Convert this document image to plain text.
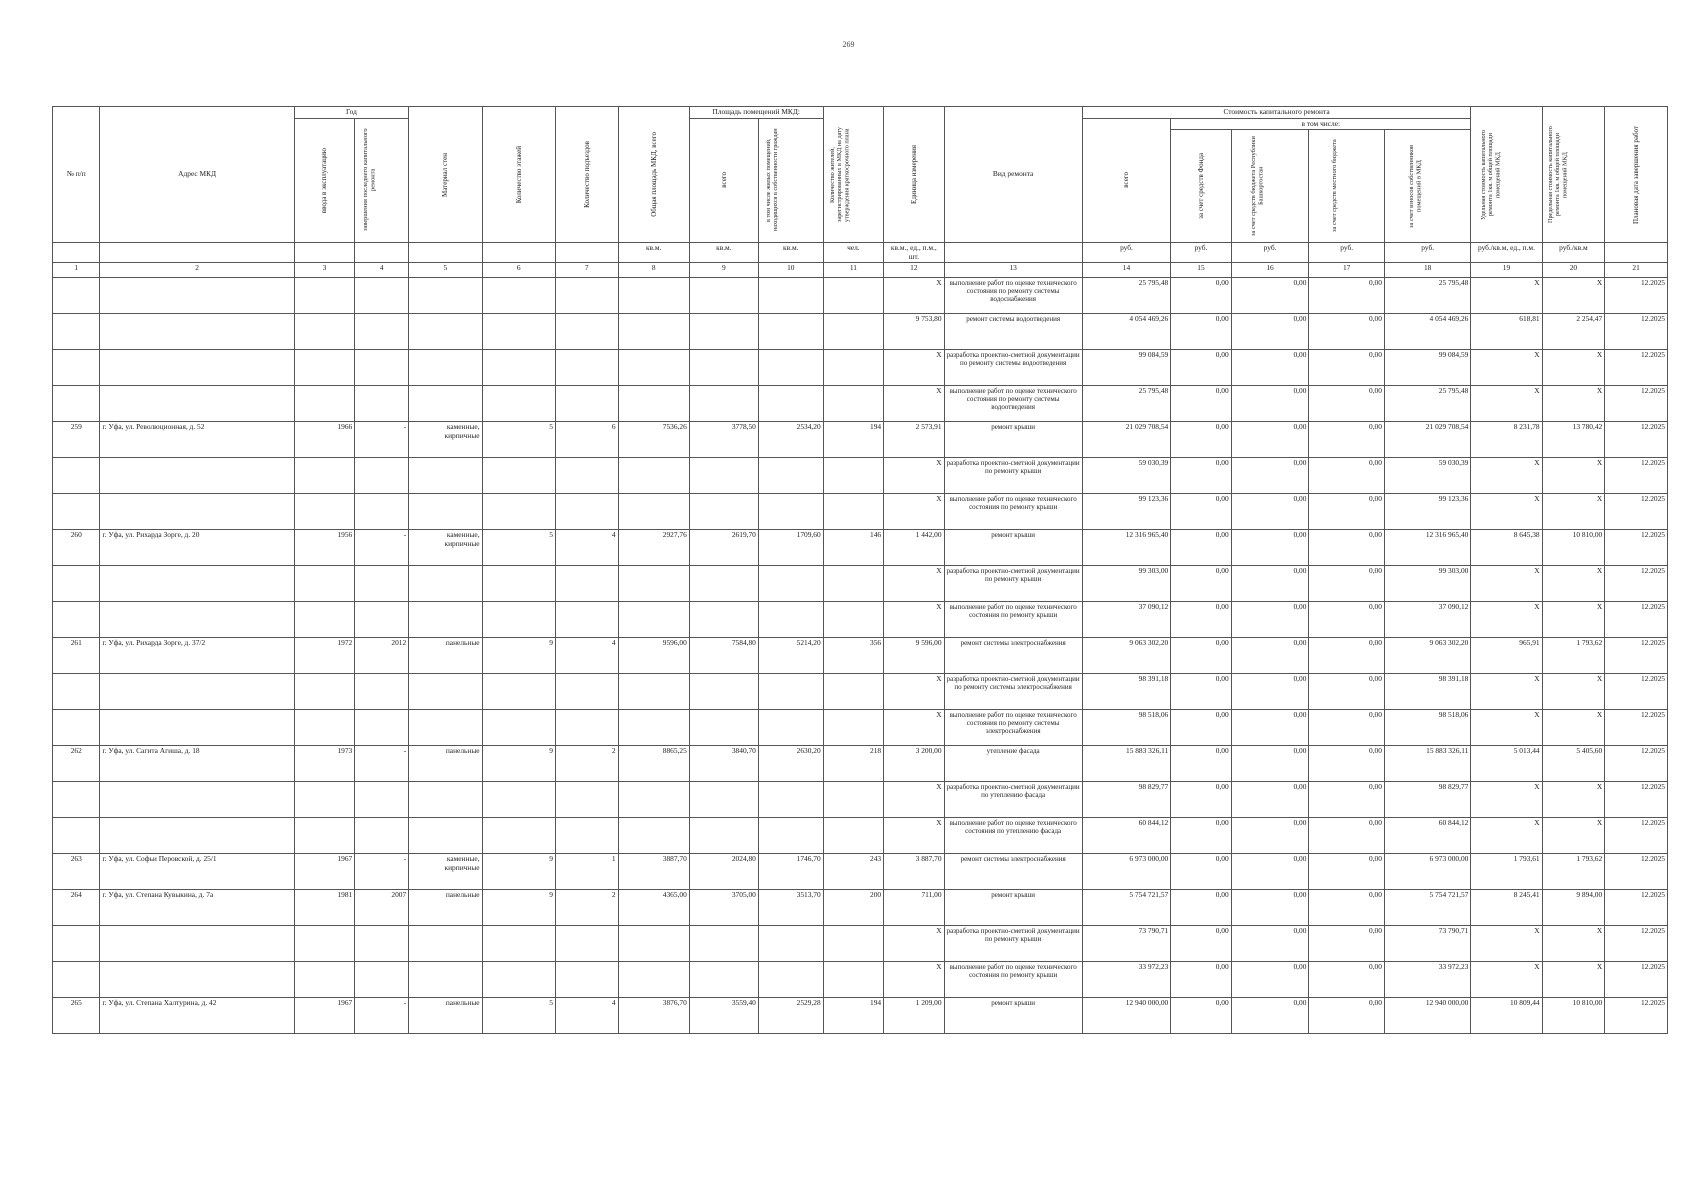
269
№ п/п	Адрес МКД	Год		Материал стен	Количество этажей	Количество подъездов	Общая площадь МКД, всего	Площадь помещений МКД:		Количество жителей, зарегистрированных в МКД на дату утверждения краткосрочного плана	Единица измерения	Вид ремонта	Стоимость капитального ремонта					Удельная стоимость капитального ремонта 1кв. м общей площади помещений МКД	Предельная стоимость капитального ремонта 1кв. м общей площади помещений МКД	Плановая дата завершения работ

		ввода в эксплуатацию	завершения последнего капитального ремонта					всего	в том числе жилых помещений, находящихся в собственности граждан				всего	в том числе:						

														за счет средств Фонда	за счет средств бюджета Республики Башкортостан	за счет средств местного бюджета	за счет взносов собственников помещений в МКД			

							кв.м.	кв.м.	кв.м.	чел.	кв.м., ед., п.м., шт.		руб.	руб.	руб.	руб.	руб.	руб./кв.м, ед., п.м.	руб./кв.м	
1	2	3	4	5	6	7	8	9	10	11	12	13	14	15	16	17	18	19	20	21
											X	выполнение работ по оценке технического состояния по ремонту системы водоснабжения	25 795,48	0,00	0,00	0,00	25 795,48	X	X	12.2025
											9 753,80	ремонт системы водоотведения	4 054 469,26	0,00	0,00	0,00	4 054 469,26	618,81	2 254,47	12.2025
											X	разработка проектно-сметной документации по ремонту системы водоотведения	99 084,59	0,00	0,00	0,00	99 084,59	X	X	12.2025
											X	выполнение работ по оценке технического состояния по ремонту системы водоотведения	25 795,48	0,00	0,00	0,00	25 795,48	X	X	12.2025
259	г. Уфа, ул. Революционная, д. 52	1966	-	каменные, кирпичные	5	6	7536,26	3778,50	2534,20	194	2 573,91	ремонт крыши	21 029 708,54	0,00	0,00	0,00	21 029 708,54	8 231,78	13 780,42	12.2025
											X	разработка проектно-сметной документации по ремонту крыши	59 030,39	0,00	0,00	0,00	59 030,39	X	X	12.2025
											X	выполнение работ по оценке технического состояния по ремонту крыши	99 123,36	0,00	0,00	0,00	99 123,36	X	X	12.2025
260	г. Уфа, ул. Рихарда Зорге, д. 20	1956	-	каменные, кирпичные	5	4	2927,76	2619,70	1709,60	146	1 442,00	ремонт крыши	12 316 965,40	0,00	0,00	0,00	12 316 965,40	8 645,38	10 810,00	12.2025
											X	разработка проектно-сметной документации по ремонту крыши	99 303,00	0,00	0,00	0,00	99 303,00	X	X	12.2025
											X	выполнение работ по оценке технического состояния по ремонту крыши	37 090,12	0,00	0,00	0,00	37 090,12	X	X	12.2025
261	г. Уфа, ул. Рихарда Зорге, д. 37/2	1972	2012	панельные	9	4	9596,00	7584,80	5214,20	356	9 596,00	ремонт системы электроснабжения	9 063 302,20	0,00	0,00	0,00	9 063 302,20	965,91	1 793,62	12.2025
											X	разработка проектно-сметной документации по ремонту системы электроснабжения	98 391,18	0,00	0,00	0,00	98 391,18	X	X	12.2025
											X	выполнение работ по оценке технического состояния по ремонту системы электроснабжения	98 518,06	0,00	0,00	0,00	98 518,06	X	X	12.2025
262	г. Уфа, ул. Сагита Агиша, д. 18	1973	-	панельные	9	2	8865,25	3840,70	2630,20	218	3 200,00	утепление фасада	15 883 326,11	0,00	0,00	0,00	15 883 326,11	5 013,44	5 405,60	12.2025
											X	разработка проектно-сметной документации по утеплению фасада	98 829,77	0,00	0,00	0,00	98 829,77	X	X	12.2025
											X	выполнение работ по оценке технического состояния по утеплению фасада	60 844,12	0,00	0,00	0,00	60 844,12	X	X	12.2025
263	г. Уфа, ул. Софьи Перовской, д. 25/1	1967	-	каменные, кирпичные	9	1	3887,70	2024,80	1746,70	243	3 887,70	ремонт системы электроснабжения	6 973 000,00	0,00	0,00	0,00	6 973 000,00	1 793,61	1 793,62	12.2025
264	г. Уфа, ул. Степана Кувыкина, д. 7а	1981	2007	панельные	9	2	4365,00	3705,00	3513,70	200	711,00	ремонт крыши	5 754 721,57	0,00	0,00	0,00	5 754 721,57	8 245,41	9 894,00	12.2025
											X	разработка проектно-сметной документации по ремонту крыши	73 790,71	0,00	0,00	0,00	73 790,71	X	X	12.2025
											X	выполнение работ по оценке технического состояния по ремонту крыши	33 972,23	0,00	0,00	0,00	33 972,23	X	X	12.2025
265	г. Уфа, ул. Степана Халтурина, д. 42	1967	-	панельные	5	4	3876,70	3559,40	2529,28	194	1 209,00	ремонт крыши	12 940 000,00	0,00	0,00	0,00	12 940 000,00	10 809,44	10 810,00	12.2025
